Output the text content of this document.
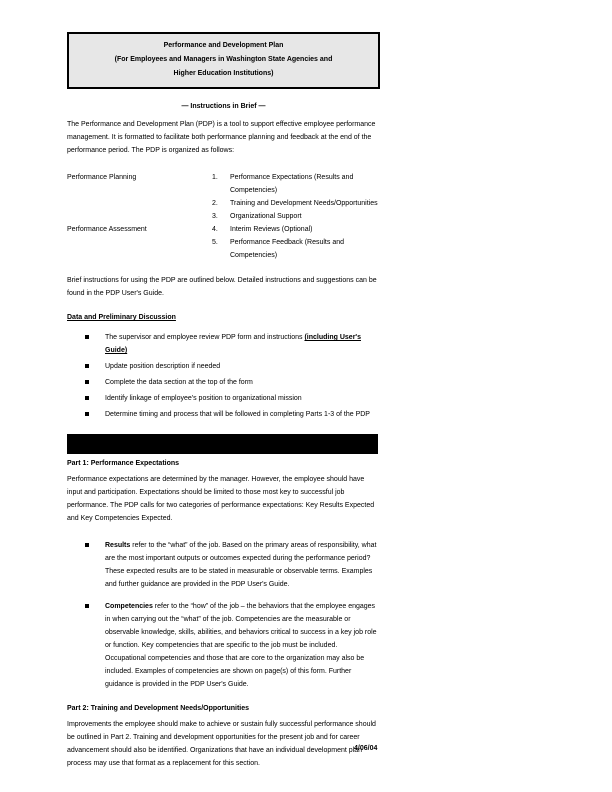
Performance and Development Plan
(For Employees and Managers in Washington State Agencies and
Higher Education Institutions)
— Instructions in Brief —

The Performance and Development Plan (PDP) is a tool to support effective employee performance management. It is formatted to facilitate both performance planning and feedback at the end of the performance period. The PDP is organized as follows:

Performance Planning	1.	Performance Expectations (Results and Competencies)
2.	Training and Development Needs/Opportunities
3.	Organizational Support
Performance Assessment	4.	Interim Reviews (Optional)
5.	Performance Feedback (Results and Competencies)

Brief instructions for using the PDP are outlined below. Detailed instructions and suggestions can be found in the PDP User's Guide.

Data and Preliminary Discussion
The supervisor and employee review PDP form and instructions (including User's Guide)
Update position description if needed
Complete the data section at the top of the form
Identify linkage of employee's position to organizational mission
Determine timing and process that will be followed in completing Parts 1-3 of the PDP
Part 1: Performance Expectations

Performance expectations are determined by the manager. However, the employee should have input and participation. Expectations should be limited to those most key to successful job performance. The PDP calls for two categories of performance expectations: Key Results Expected and Key Competencies Expected.

Results refer to the “what” of the job. Based on the primary areas of responsibility, what are the most important outputs or outcomes expected during the performance period? These expected results are to be stated in measurable or observable terms. Examples and further guidance are provided in the PDP User's Guide.
Competencies refer to the “how” of the job – the behaviors that the employee engages in when carrying out the “what” of the job. Competencies are the measurable or observable knowledge, skills, abilities, and behaviors critical to success in a key job role or function. Key competencies that are specific to the job must be included. Occupational competencies and those that are core to the organization may also be included. Examples of competencies are shown on page(s) of this form. Further guidance is provided in the PDP User's Guide.
Part 2: Training and Development Needs/Opportunities

Improvements the employee should make to achieve or sustain fully successful performance should be outlined in Part 2. Training and development opportunities for the present job and for career advancement should also be identified. Organizations that have an individual development plan process may use that format as a replacement for this section.

4/06/04
